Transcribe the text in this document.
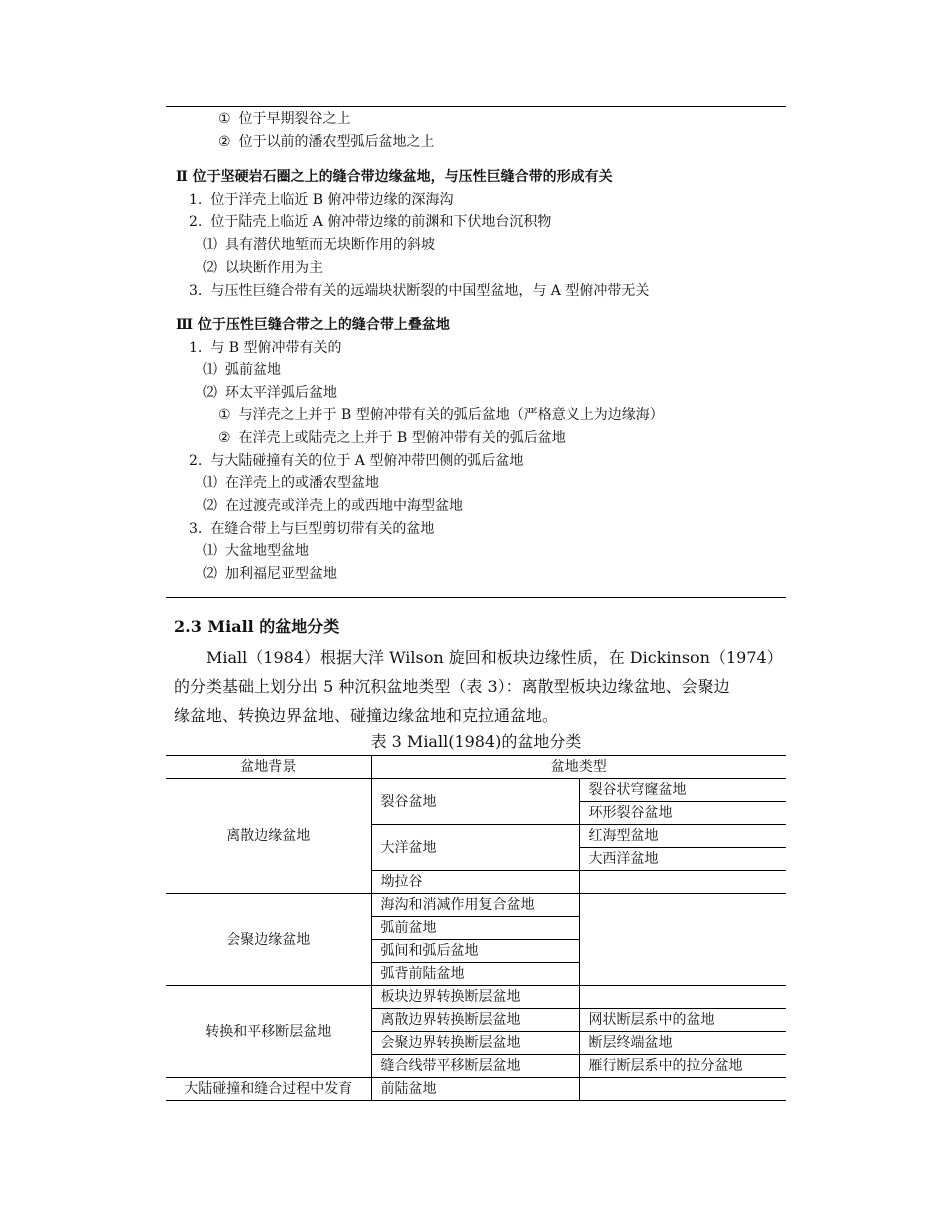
① 位于早期裂谷之上
② 位于以前的潘农型弧后盆地之上
Ⅱ 位于坚硬岩石圈之上的缝合带边缘盆地，与压性巨缝合带的形成有关
1. 位于洋壳上临近 B 俯冲带边缘的深海沟
2. 位于陆壳上临近 A 俯冲带边缘的前渊和下伏地台沉积物
⑴ 具有潜伏地堑而无块断作用的斜坡
⑵ 以块断作用为主
3. 与压性巨缝合带有关的远端块状断裂的中国型盆地，与 A 型俯冲带无关
Ⅲ 位于压性巨缝合带之上的缝合带上叠盆地
1. 与 B 型俯冲带有关的
⑴ 弧前盆地
⑵ 环太平洋弧后盆地
① 与洋壳之上并于 B 型俯冲带有关的弧后盆地（严格意义上为边缘海）
② 在洋壳上或陆壳之上并于 B 型俯冲带有关的弧后盆地
2. 与大陆碰撞有关的位于 A 型俯冲带凹侧的弧后盆地
⑴ 在洋壳上的或潘农型盆地
⑵ 在过渡壳或洋壳上的或西地中海型盆地
3. 在缝合带上与巨型剪切带有关的盆地
⑴ 大盆地型盆地
⑵ 加利福尼亚型盆地
2.3 Miall 的盆地分类
Miall（1984）根据大洋 Wilson 旋回和板块边缘性质，在 Dickinson（1974）
的分类基础上划分出 5 种沉积盆地类型（表 3）：离散型板块边缘盆地、会聚边
缘盆地、转换边界盆地、碰撞边缘盆地和克拉通盆地。
表 3 Miall(1984)的盆地分类
盆地背景	盆地类型	
离散边缘盆地	裂谷盆地	裂谷状穹窿盆地
		环形裂谷盆地
	大洋盆地	红海型盆地
		大西洋盆地
	坳拉谷	
会聚边缘盆地	海沟和消减作用复合盆地	
	弧前盆地	
	弧间和弧后盆地	
	弧背前陆盆地	
转换和平移断层盆地	板块边界转换断层盆地	
	离散边界转换断层盆地	网状断层系中的盆地
	会聚边界转换断层盆地	断层终端盆地
	缝合线带平移断层盆地	雁行断层系中的拉分盆地
大陆碰撞和缝合过程中发育	前陆盆地	
